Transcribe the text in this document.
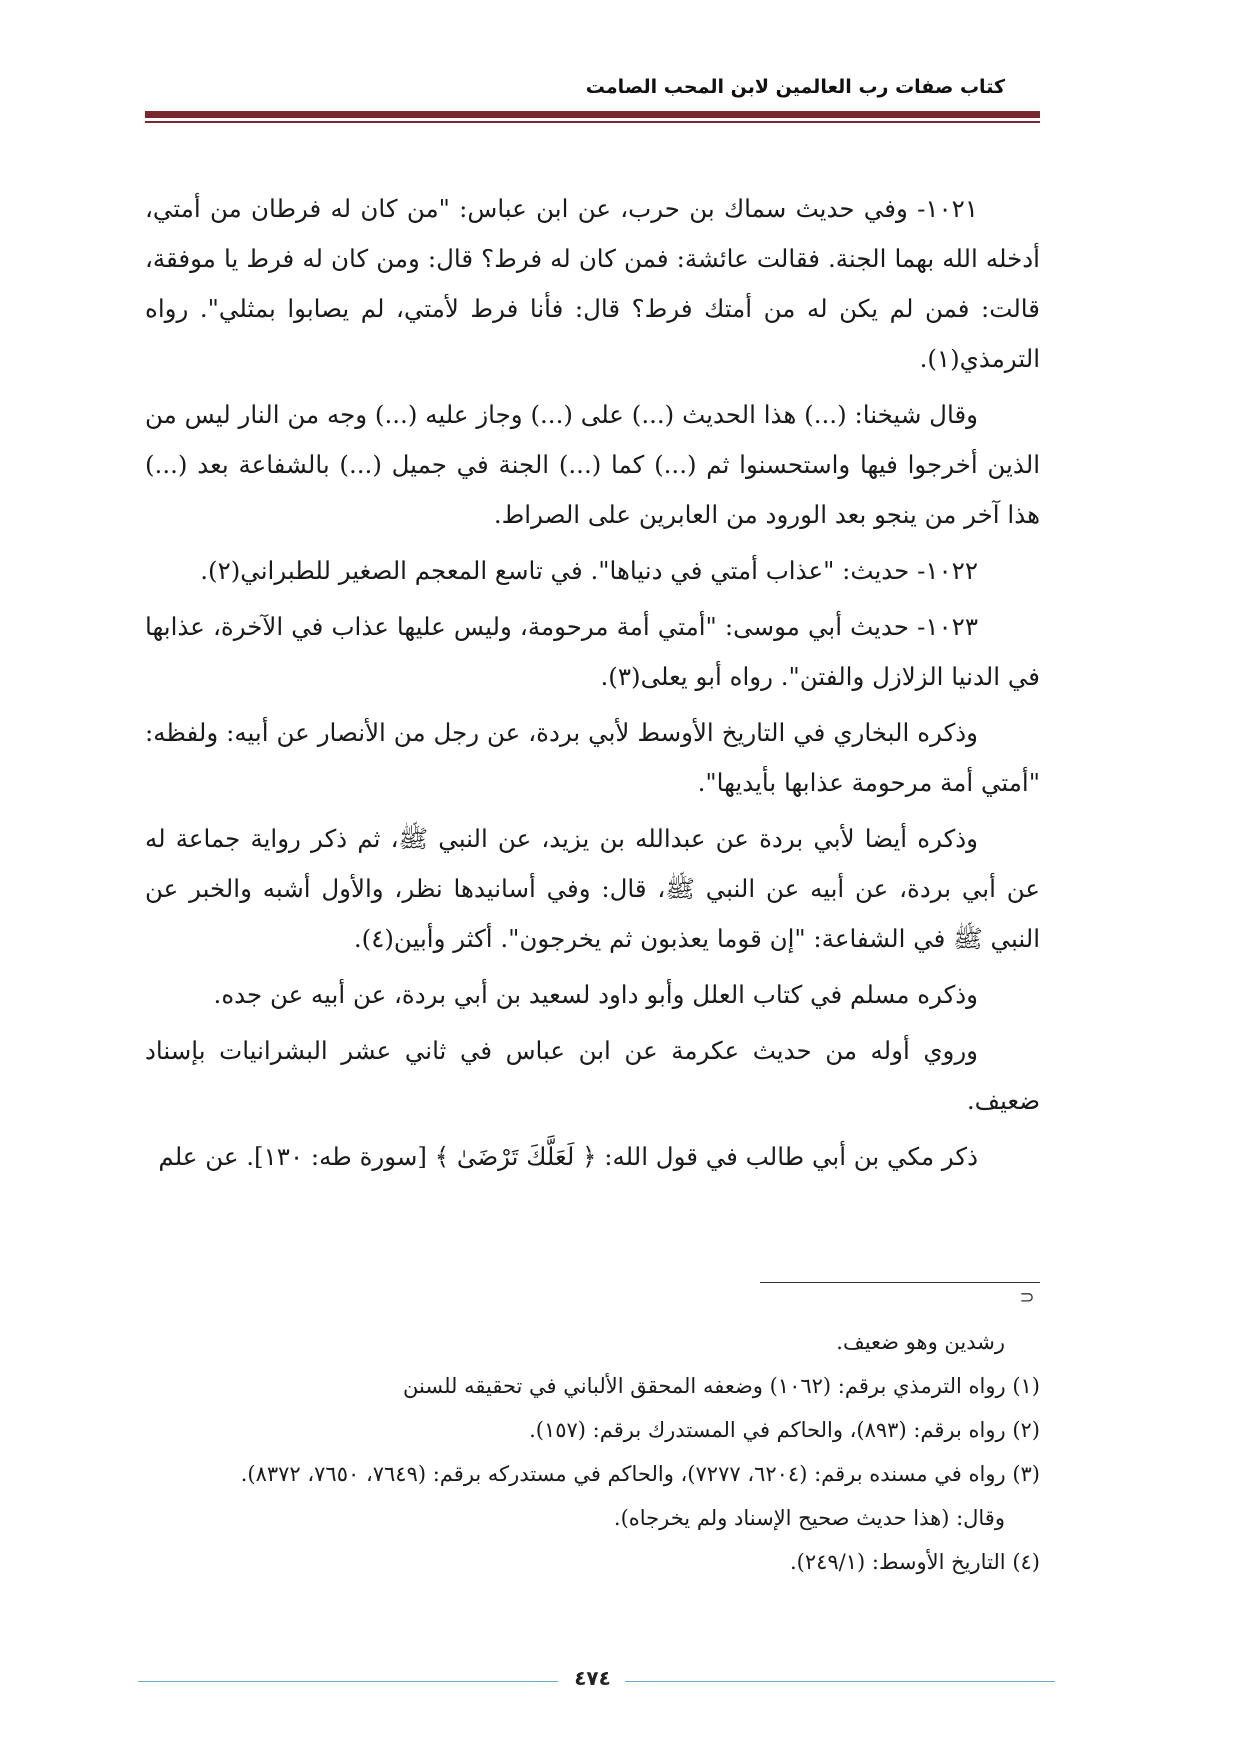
كتاب صفات رب العالمين لابن المحب الصامت

١٠٢١- وفي حديث سماك بن حرب، عن ابن عباس: "من كان له فرطان من أمتي، أدخله الله بهما الجنة. فقالت عائشة: فمن كان له فرط؟ قال: ومن كان له فرط يا موفقة، قالت: فمن لم يكن له من أمتك فرط؟ قال: فأنا فرط لأمتي، لم يصابوا بمثلي". رواه الترمذي(١).

وقال شيخنا: (...) هذا الحديث (...) على (...) وجاز عليه (...) وجه من النار ليس من الذين أخرجوا فيها واستحسنوا ثم (...) كما (...) الجنة في جميل (...) بالشفاعة بعد (...) هذا آخر من ينجو بعد الورود من العابرين على الصراط.

١٠٢٢- حديث: "عذاب أمتي في دنياها". في تاسع المعجم الصغير للطبراني(٢).

١٠٢٣- حديث أبي موسى: "أمتي أمة مرحومة، وليس عليها عذاب في الآخرة، عذابها في الدنيا الزلازل والفتن". رواه أبو يعلى(٣).

وذكره البخاري في التاريخ الأوسط لأبي بردة، عن رجل من الأنصار عن أبيه: ولفظه: "أمتي أمة مرحومة عذابها بأيديها".

وذكره أيضا لأبي بردة عن عبدالله بن يزيد، عن النبي ﷺ، ثم ذكر رواية جماعة له عن أبي بردة، عن أبيه عن النبي ﷺ، قال: وفي أسانيدها نظر، والأول أشبه والخبر عن النبي ﷺ في الشفاعة: "إن قوما يعذبون ثم يخرجون". أكثر وأبين(٤).

وذكره مسلم في كتاب العلل وأبو داود لسعيد بن أبي بردة، عن أبيه عن جده.

وروي أوله من حديث عكرمة عن ابن عباس في ثاني عشر البشرانيات بإسناد ضعيف.

ذكر مكي بن أبي طالب في قول الله: ﴿ لَعَلَّكَ تَرْضَىٰ ﴾ [سورة طه: ١٣٠]. عن علم

⊃

رشدين وهو ضعيف.

(١) رواه الترمذي برقم: (١٠٦٢) وضعفه المحقق الألباني في تحقيقه للسنن

(٢) رواه برقم: (٨٩٣)، والحاكم في المستدرك برقم: (١٥٧).

(٣) رواه في مسنده برقم: (٦٢٠٤، ٧٢٧٧)، والحاكم في مستدركه برقم: (٧٦٤٩، ٧٦٥٠، ٨٣٧٢).

وقال: (هذا حديث صحيح الإسناد ولم يخرجاه).

(٤) التاريخ الأوسط: (٢٤٩/١).

٤٧٤
